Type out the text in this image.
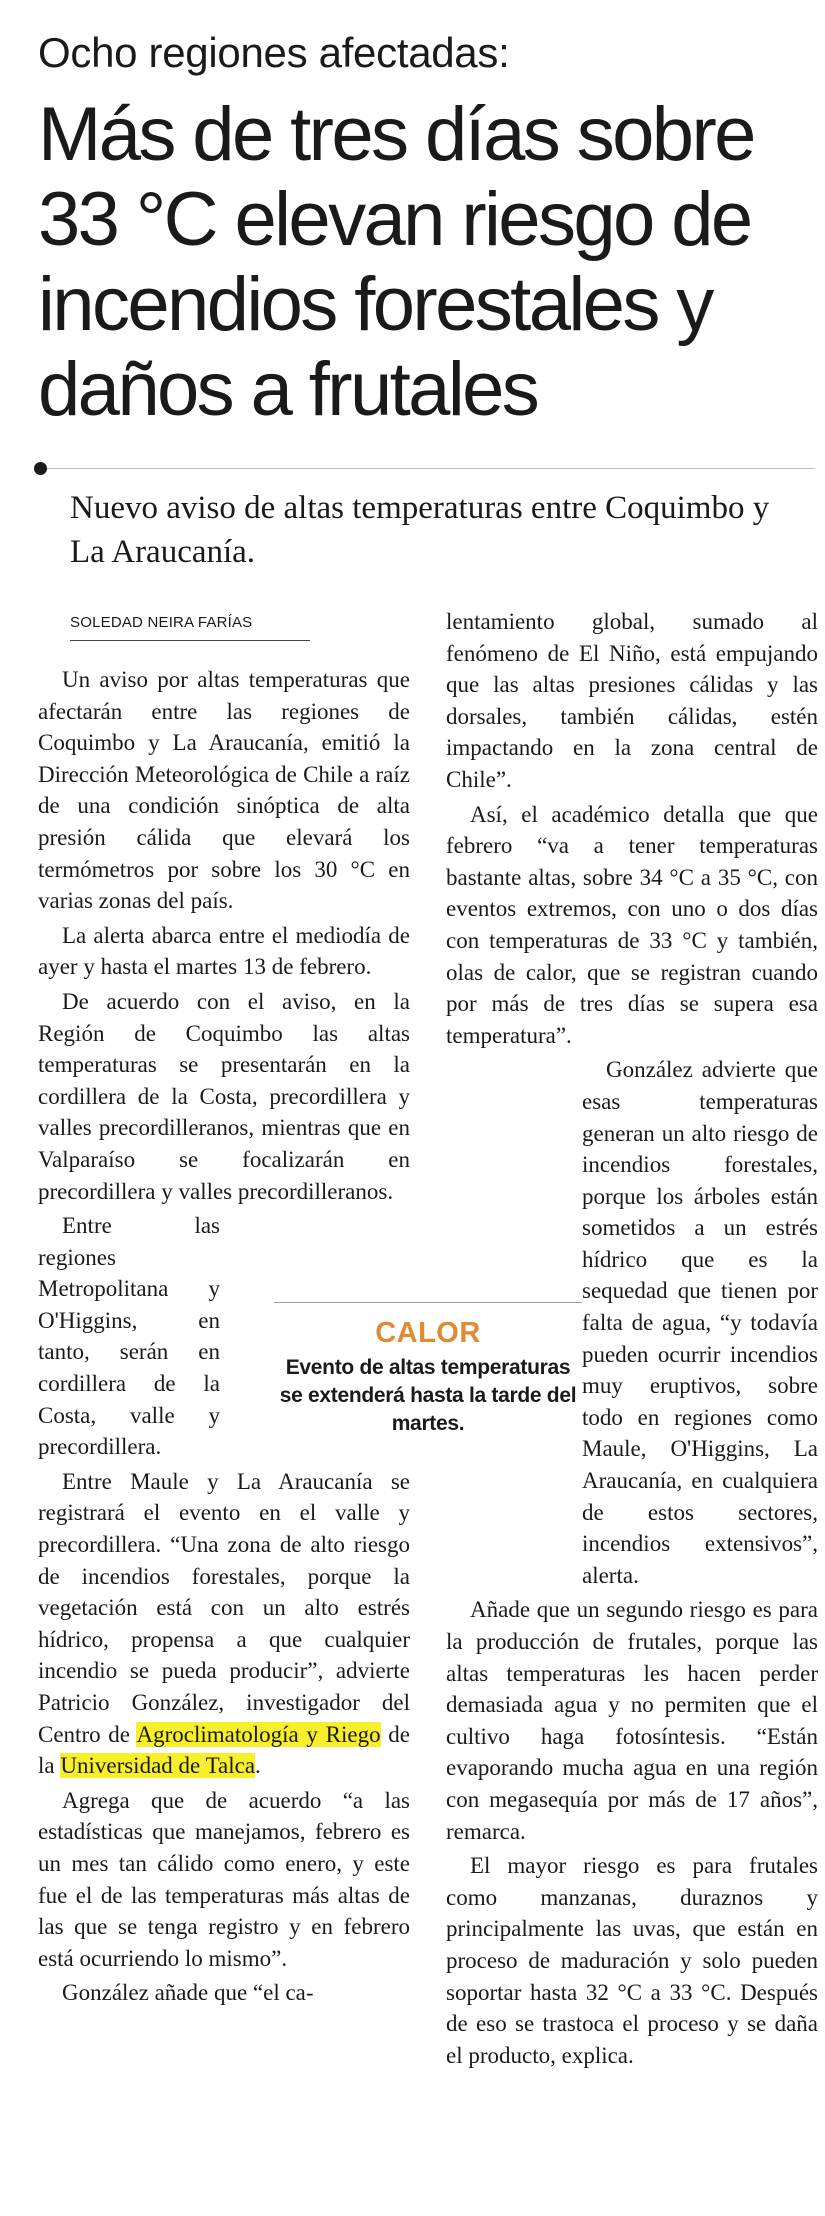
Ocho regiones afectadas:
Más de tres días sobre 33 °C elevan riesgo de incendios forestales y daños a frutales
Nuevo aviso de altas temperaturas entre Coquimbo y La Araucanía.
SOLEDAD NEIRA FARÍAS

Un aviso por altas temperaturas que afectarán entre las regiones de Coquimbo y La Araucanía, emitió la Dirección Meteorológica de Chile a raíz de una condición sinóptica de alta presión cálida que elevará los termómetros por sobre los 30 °C en varias zonas del país.

La alerta abarca entre el mediodía de ayer y hasta el martes 13 de febrero.

De acuerdo con el aviso, en la Región de Coquimbo las altas temperaturas se presentarán en la cordillera de la Costa, precordillera y valles precordilleranos, mientras que en Valparaíso se focalizarán en precordillera y valles precordilleranos.

Entre las regiones Metropolitana y O'Higgins, en tanto, serán en cordillera de la Costa, valle y precordillera.

Entre Maule y La Araucanía se registrará el evento en el valle y precordillera. “Una zona de alto riesgo de incendios forestales, porque la vegetación está con un alto estrés hídrico, propensa a que cualquier incendio se pueda producir”, advierte Patricio González, investigador del Centro de Agroclimatología y Riego de la Universidad de Talca.

Agrega que de acuerdo “a las estadísticas que manejamos, febrero es un mes tan cálido como enero, y este fue el de las temperaturas más altas de las que se tenga registro y en febrero está ocurriendo lo mismo”.

González añade que “el ca-

lentamiento global, sumado al fenómeno de El Niño, está empujando que las altas presiones cálidas y las dorsales, también cálidas, estén impactando en la zona central de Chile”.

Así, el académico detalla que que febrero “va a tener temperaturas bastante altas, sobre 34 °C a 35 °C, con eventos extremos, con uno o dos días con temperaturas de 33 °C y también, olas de calor, que se registran cuando por más de tres días se supera esa temperatura”.

González advierte que esas temperaturas generan un alto riesgo de incendios forestales, porque los árboles están sometidos a un estrés hídrico que es la sequedad que tienen por falta de agua, “y todavía pueden ocurrir incendios muy eruptivos, sobre todo en regiones como Maule, O'Higgins, La Araucanía, en cualquiera de estos sectores, incendios extensivos”, alerta.

Añade que un segundo riesgo es para la producción de frutales, porque las altas temperaturas les hacen perder demasiada agua y no permiten que el cultivo haga fotosíntesis. “Están evaporando mucha agua en una región con megasequía por más de 17 años”, remarca.

El mayor riesgo es para frutales como manzanas, duraznos y principalmente las uvas, que están en proceso de maduración y solo pueden soportar hasta 32 °C a 33 °C. Después de eso se trastoca el proceso y se daña el producto, explica.

CALOR
Evento de altas temperaturas se extenderá hasta la tarde del martes.
